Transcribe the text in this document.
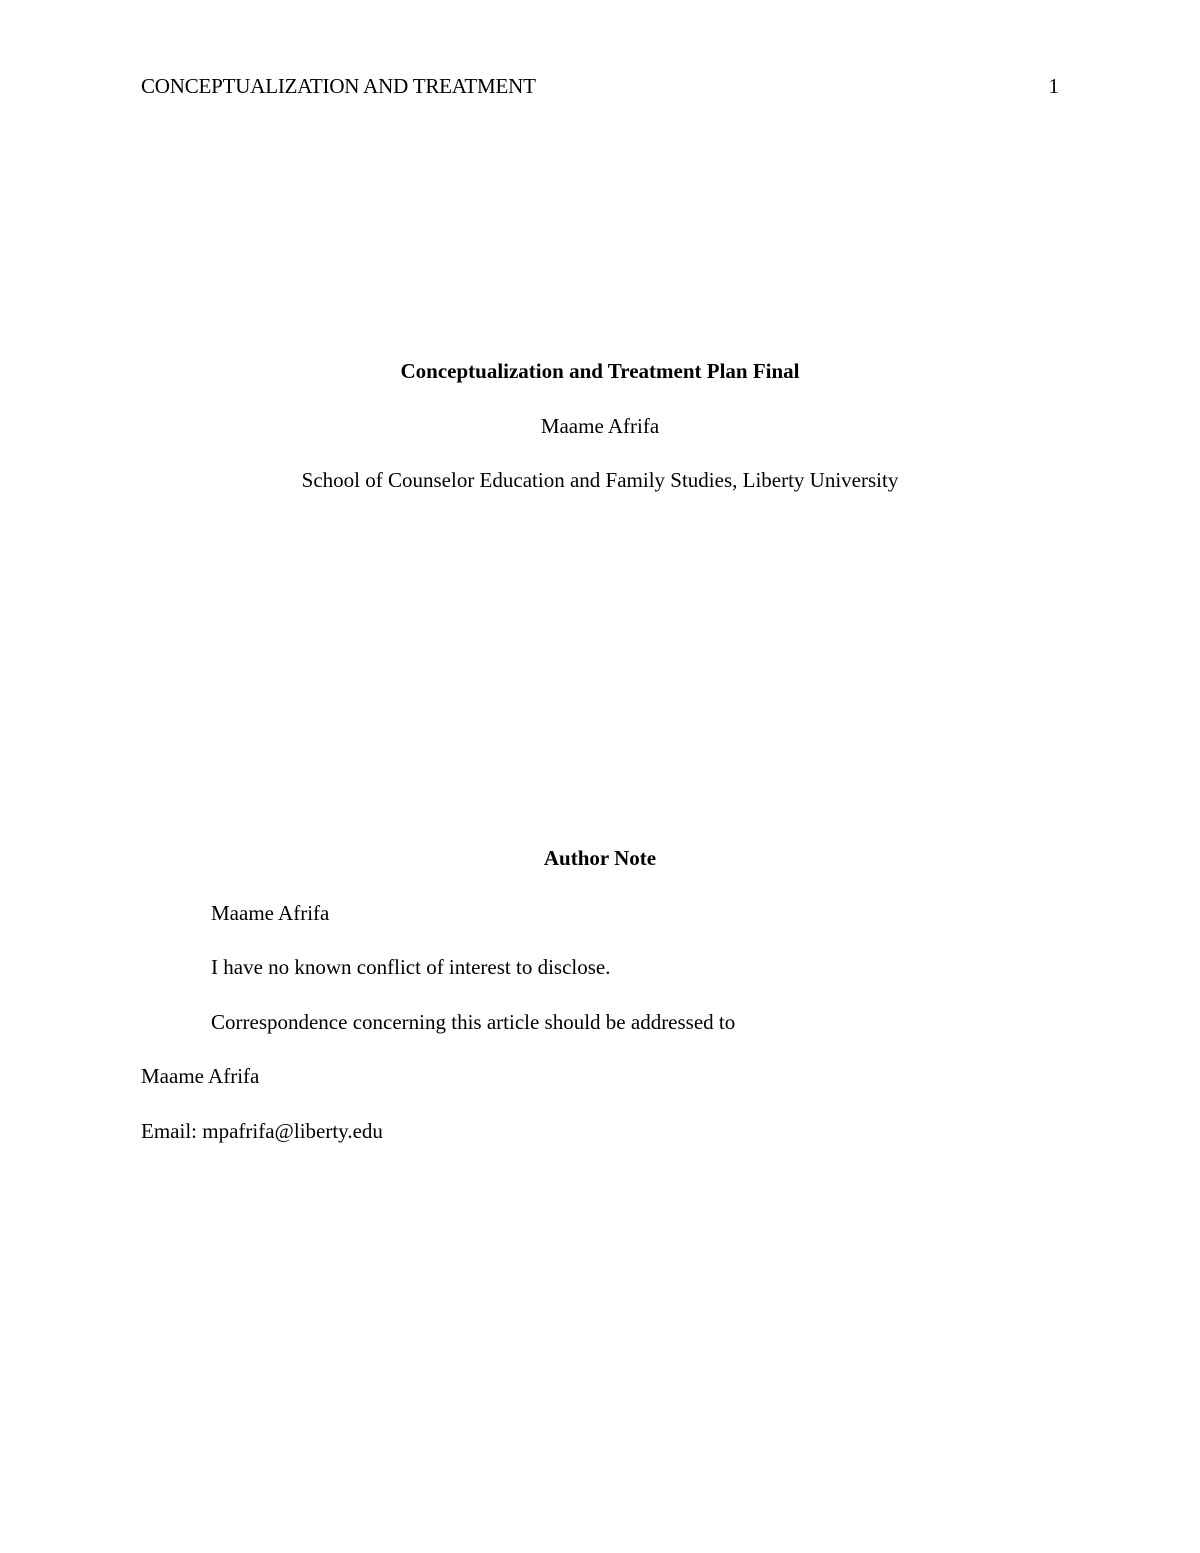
CONCEPTUALIZATION AND TREATMENT	1
Conceptualization and Treatment Plan Final
Maame Afrifa
School of Counselor Education and Family Studies, Liberty University
Author Note
Maame Afrifa
I have no known conflict of interest to disclose.
Correspondence concerning this article should be addressed to
Maame Afrifa
Email: mpafrifa@liberty.edu
